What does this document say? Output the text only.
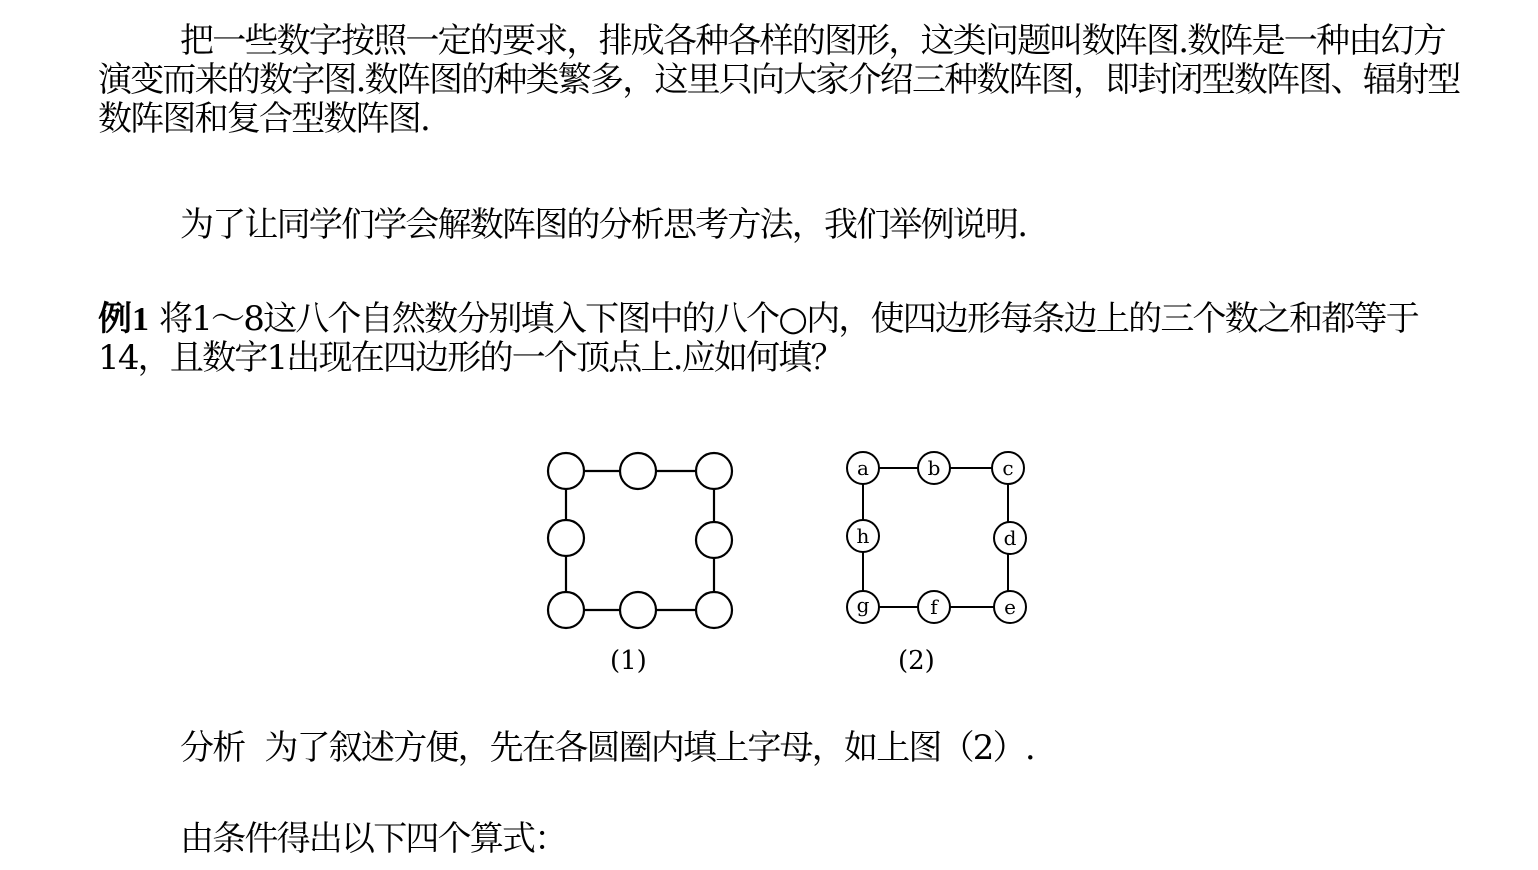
把一些数字按照一定的要求，排成各种各样的图形，这类问题叫数阵图.数阵是一种由幻方演变而来的数字图.数阵图的种类繁多，这里只向大家介绍三种数阵图，即封闭型数阵图、辐射型数阵图和复合型数阵图.

为了让同学们学会解数阵图的分析思考方法，我们举例说明.

例1 将1～8这八个自然数分别填入下图中的八个○内，使四边形每条边上的三个数之和都等于14，且数字1出现在四边形的一个顶点上.应如何填？

a	b	c
d
e
f
g
h
(1)	(2)

分析 为了叙述方便，先在各圆圈内填上字母，如上图（2）.

由条件得出以下四个算式：
